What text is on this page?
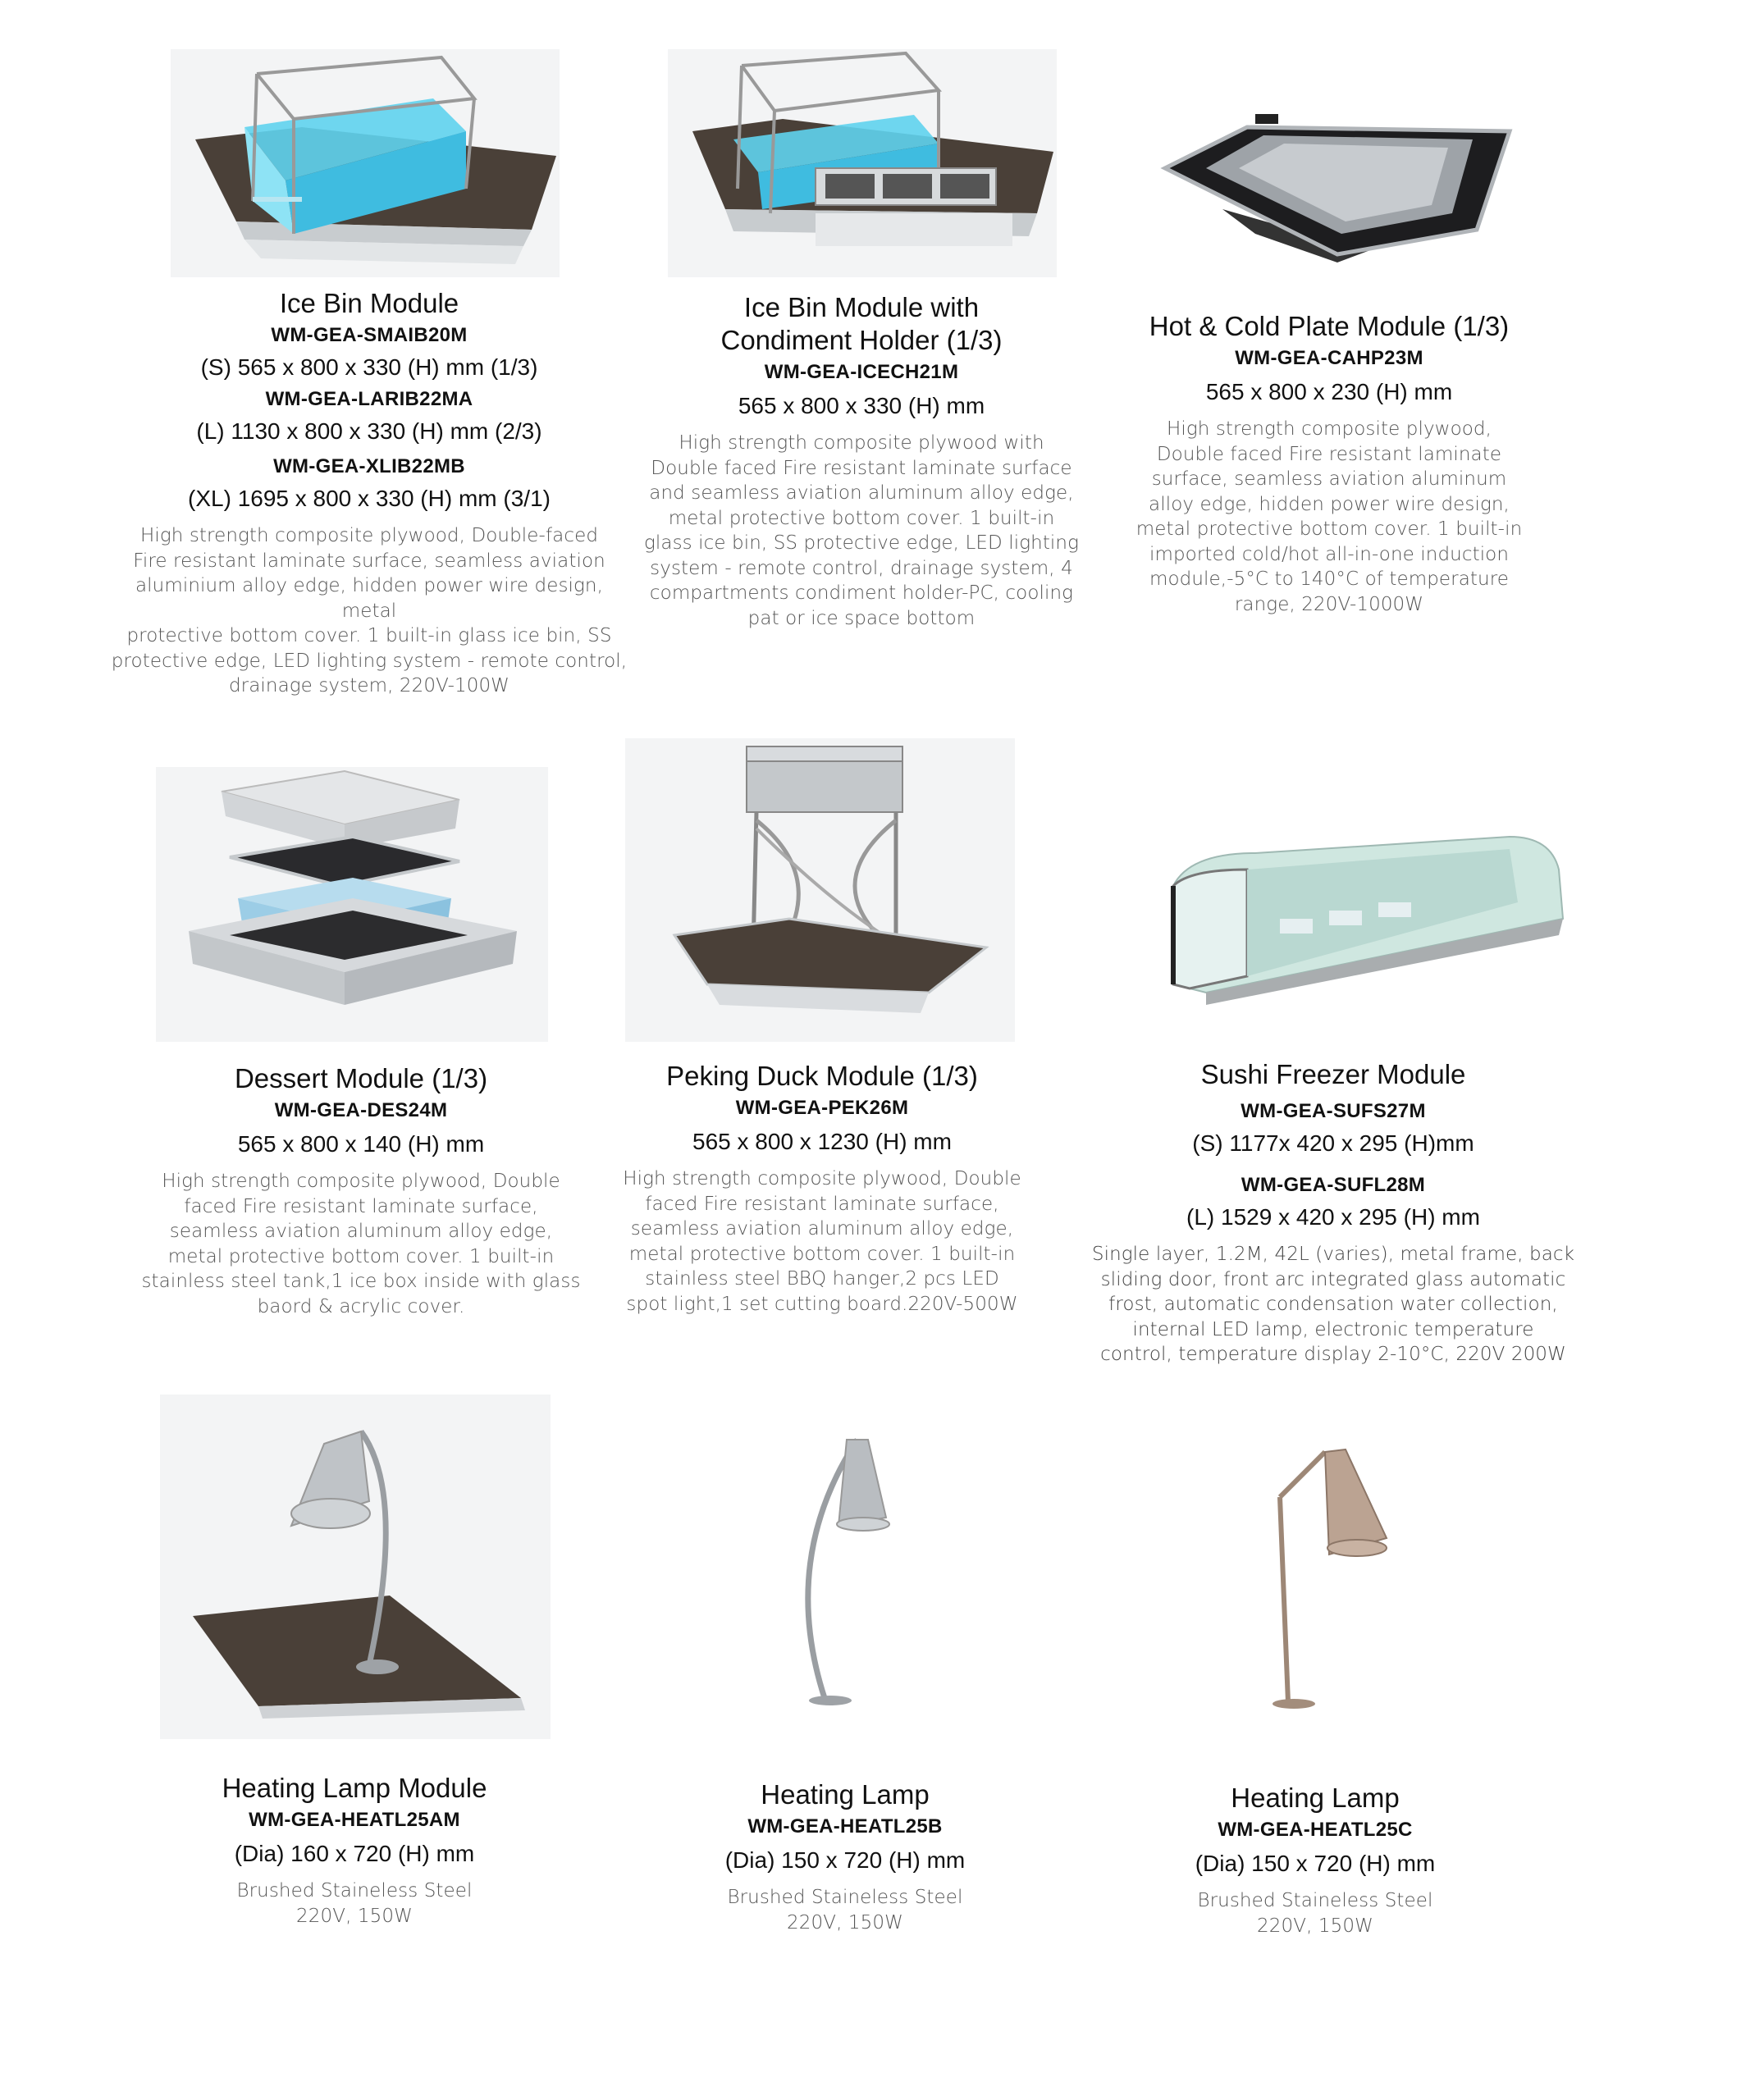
Ice Bin Module
WM-GEA-SMAIB20M
(S) 565 x 800 x 330 (H) mm (1/3)
WM-GEA-LARIB22MA
(L) 1130 x 800 x 330 (H) mm (2/3)
WM-GEA-XLIB22MB
(XL) 1695 x 800 x 330 (H) mm (3/1)
High strength composite plywood, Double-faced
Fire resistant laminate surface, seamless aviation
aluminium alloy edge, hidden power wire design, metal
protective bottom cover. 1 built-in glass ice bin, SS
protective edge, LED lighting system - remote control,
drainage system, 220V-100W
Ice Bin Module with
Condiment Holder (1/3)
WM-GEA-ICECH21M
565 x 800 x 330 (H) mm
High strength composite plywood with
Double faced Fire resistant laminate surface
and seamless aviation aluminum alloy edge,
metal protective bottom cover. 1 built-in
glass ice bin, SS protective edge, LED lighting
system - remote control, drainage system, 4
compartments condiment holder-PC, cooling
pat or ice space bottom
Hot & Cold Plate Module (1/3)
WM-GEA-CAHP23M
565 x 800 x 230 (H) mm
High strength composite plywood,
Double faced Fire resistant laminate
surface, seamless aviation aluminum
alloy edge, hidden power wire design,
metal protective bottom cover. 1 built-in
imported cold/hot all-in-one induction
module,-5°C to 140°C of temperature
range, 220V-1000W
Dessert Module (1/3)
WM-GEA-DES24M
565 x 800 x 140 (H) mm
High strength composite plywood, Double
faced Fire resistant laminate surface,
seamless aviation aluminum alloy edge,
metal protective bottom cover. 1 built-in
stainless steel tank,1 ice box inside with glass
baord & acrylic cover.
Peking Duck Module (1/3)
WM-GEA-PEK26M
565 x 800 x 1230 (H) mm
High strength composite plywood, Double
faced Fire resistant laminate surface,
seamless aviation aluminum alloy edge,
metal protective bottom cover. 1 built-in
stainless steel BBQ hanger,2 pcs LED
spot light,1 set cutting board.220V-500W
Sushi Freezer Module
WM-GEA-SUFS27M
(S) 1177x 420 x 295 (H)mm
WM-GEA-SUFL28M
(L) 1529 x 420 x 295 (H) mm
Single layer, 1.2M, 42L (varies), metal frame, back
sliding door, front arc integrated glass automatic
frost, automatic condensation water collection,
internal LED lamp, electronic temperature
control, temperature display 2-10°C, 220V 200W
Heating Lamp Module
WM-GEA-HEATL25AM
(Dia) 160 x 720 (H) mm
Brushed Staineless Steel
220V, 150W
Heating Lamp
WM-GEA-HEATL25B
(Dia) 150 x 720 (H) mm
Brushed Staineless Steel
220V, 150W
Heating Lamp
WM-GEA-HEATL25C
(Dia) 150 x 720 (H) mm
Brushed Staineless Steel
220V, 150W
